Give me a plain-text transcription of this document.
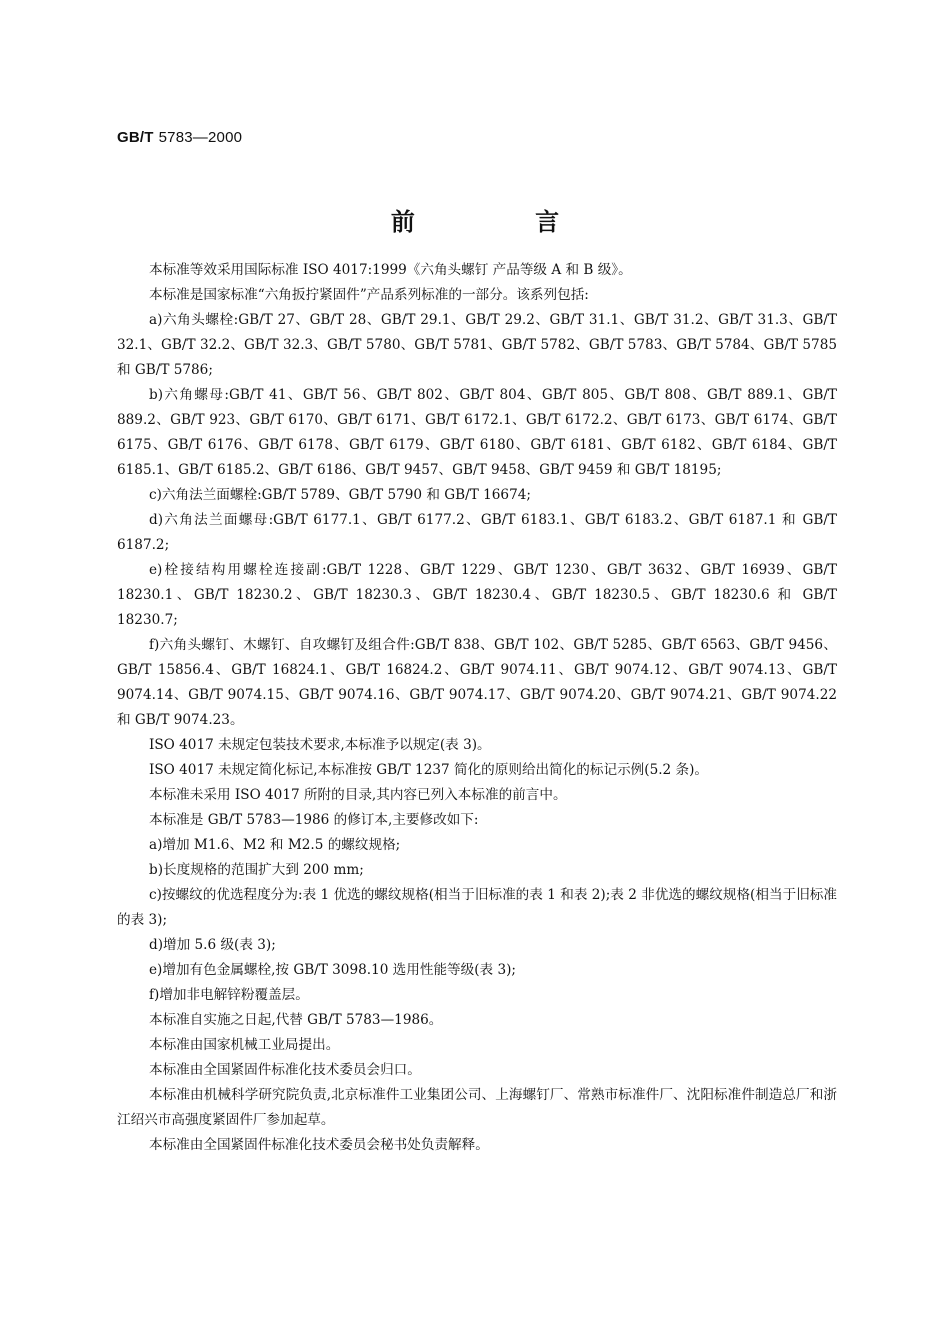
GB/T 5783—2000
前 言

本标准等效采用国际标准 ISO 4017:1999《六角头螺钉 产品等级 A 和 B 级》。

本标准是国家标准“六角扳拧紧固件”产品系列标准的一部分。该系列包括:

a)六角头螺栓:GB/T 27、GB/T 28、GB/T 29.1、GB/T 29.2、GB/T 31.1、GB/T 31.2、GB/T 31.3、GB/T 32.1、GB/T 32.2、GB/T 32.3、GB/T 5780、GB/T 5781、GB/T 5782、GB/T 5783、GB/T 5784、GB/T 5785 和 GB/T 5786;

b)六角螺母:GB/T 41、GB/T 56、GB/T 802、GB/T 804、GB/T 805、GB/T 808、GB/T 889.1、GB/T 889.2、GB/T 923、GB/T 6170、GB/T 6171、GB/T 6172.1、GB/T 6172.2、GB/T 6173、GB/T 6174、GB/T 6175、GB/T 6176、GB/T 6178、GB/T 6179、GB/T 6180、GB/T 6181、GB/T 6182、GB/T 6184、GB/T 6185.1、GB/T 6185.2、GB/T 6186、GB/T 9457、GB/T 9458、GB/T 9459 和 GB/T 18195;

c)六角法兰面螺栓:GB/T 5789、GB/T 5790 和 GB/T 16674;

d)六角法兰面螺母:GB/T 6177.1、GB/T 6177.2、GB/T 6183.1、GB/T 6183.2、GB/T 6187.1 和 GB/T 6187.2;

e)栓接结构用螺栓连接副:GB/T 1228、GB/T 1229、GB/T 1230、GB/T 3632、GB/T 16939、GB/T 18230.1、GB/T 18230.2、GB/T 18230.3、GB/T 18230.4、GB/T 18230.5、GB/T 18230.6 和 GB/T 18230.7;

f)六角头螺钉、木螺钉、自攻螺钉及组合件:GB/T 838、GB/T 102、GB/T 5285、GB/T 6563、GB/T 9456、GB/T 15856.4、GB/T 16824.1、GB/T 16824.2、GB/T 9074.11、GB/T 9074.12、GB/T 9074.13、GB/T 9074.14、GB/T 9074.15、GB/T 9074.16、GB/T 9074.17、GB/T 9074.20、GB/T 9074.21、GB/T 9074.22 和 GB/T 9074.23。

ISO 4017 未规定包装技术要求,本标准予以规定(表 3)。

ISO 4017 未规定简化标记,本标准按 GB/T 1237 简化的原则给出简化的标记示例(5.2 条)。

本标准未采用 ISO 4017 所附的目录,其内容已列入本标准的前言中。

本标准是 GB/T 5783—1986 的修订本,主要修改如下:

a)增加 M1.6、M2 和 M2.5 的螺纹规格;

b)长度规格的范围扩大到 200 mm;

c)按螺纹的优选程度分为:表 1 优选的螺纹规格(相当于旧标准的表 1 和表 2);表 2 非优选的螺纹规格(相当于旧标准的表 3);

d)增加 5.6 级(表 3);

e)增加有色金属螺栓,按 GB/T 3098.10 选用性能等级(表 3);

f)增加非电解锌粉覆盖层。

本标准自实施之日起,代替 GB/T 5783—1986。

本标准由国家机械工业局提出。

本标准由全国紧固件标准化技术委员会归口。

本标准由机械科学研究院负责,北京标准件工业集团公司、上海螺钉厂、常熟市标准件厂、沈阳标准件制造总厂和浙江绍兴市高强度紧固件厂参加起草。

本标准由全国紧固件标准化技术委员会秘书处负责解释。
